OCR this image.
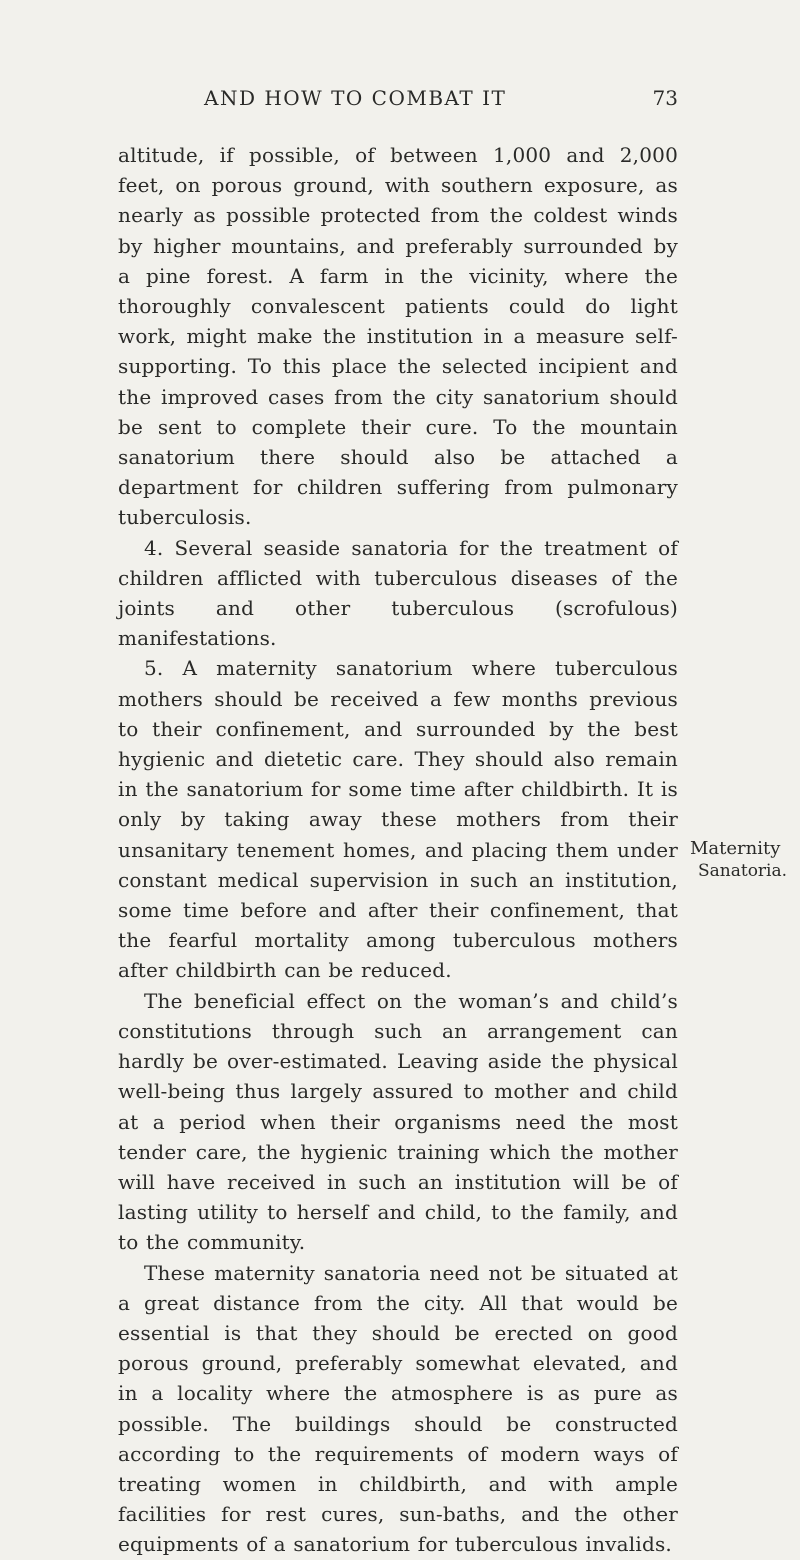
AND HOW TO COMBAT IT	73

altitude, if possible, of between 1,000 and 2,000 feet, on porous ground, with southern exposure, as nearly as possible protected from the coldest winds by higher mountains, and preferably surrounded by a pine forest. A farm in the vicinity, where the thoroughly convalescent patients could do light work, might make the institution in a measure self-supporting. To this place the selected incipient and the improved cases from the city sanatorium should be sent to complete their cure. To the mountain sanatorium there should also be attached a department for children suffering from pulmonary tuberculosis.

4. Several seaside sanatoria for the treatment of children afflicted with tuberculous diseases of the joints and other tuberculous (scrofulous) manifestations.

5. A maternity sanatorium where tuberculous mothers should be received a few months previous to their confinement, and surrounded by the best hygienic and dietetic care. They should also remain in the sanatorium for some time after childbirth. It is only by taking away these mothers from their unsanitary tenement homes, and placing them under constant medical supervision in such an institution, some time before and after their confinement, that the fearful mortality among tuberculous mothers after childbirth can be reduced.

The beneficial effect on the woman’s and child’s constitutions through such an arrangement can hardly be over-estimated. Leaving aside the physical well-being thus largely assured to mother and child at a period when their organisms need the most tender care, the hygienic training which the mother will have received in such an institution will be of lasting utility to herself and child, to the family, and to the community.

These maternity sanatoria need not be situated at a great distance from the city. All that would be essential is that they should be erected on good porous ground, preferably somewhat elevated, and in a locality where the atmosphere is as pure as possible. The buildings should be constructed according to the requirements of modern ways of treating women in childbirth, and with ample facilities for rest cures, sun-baths, and the other equipments of a sanatorium for tuberculous invalids.

Maternity
Sanatoria.
